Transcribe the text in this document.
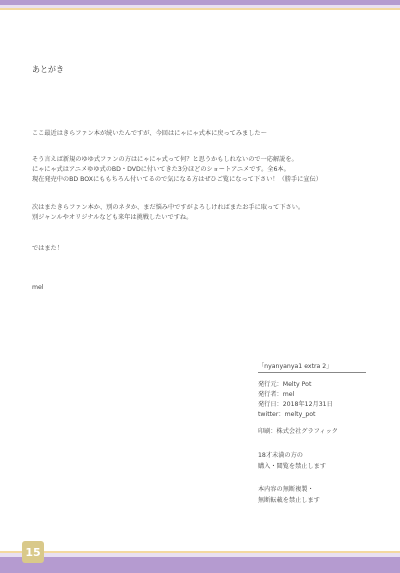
あとがき
ここ最近はきらファン本が続いたんですが、今回はにゃにゃ式本に戻ってみました～
そう言えば新規のゆゆ式ファンの方はにゃにゃ式って何？と思うかもしれないので一応解説を。
にゃにゃ式はアニメゆゆ式のBD・DVDに付いてきた3分ほどのショートアニメです。全6本。
現在発売中のBD BOXにももちろん付いてるので気になる方はぜひご覧になって下さい！（勝手に宣伝）
次はまたきらファン本か、別のネタか、まだ悩み中ですがよろしければまたお手に取って下さい。
別ジャンルやオリジナルなども来年は挑戦したいですね。
ではまた！
mel
「nyanyanya1 extra 2」
発行元：Melty Pot
発行者：mel
発行日：2018年12月31日
twitter：melty_pot
印刷：株式会社グラフィック
18才未満の方の
購入・閲覧を禁止します
本内容の無断複製・
無断転載を禁止します
15
